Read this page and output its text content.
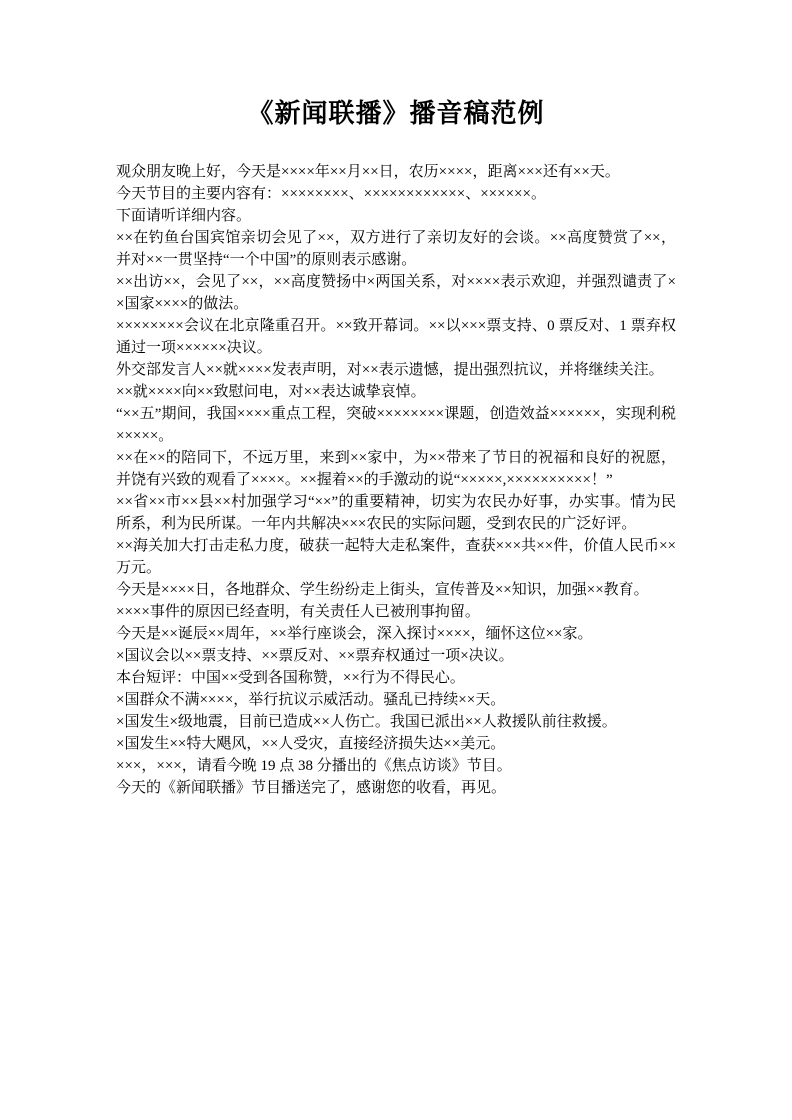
《新闻联播》播音稿范例

观众朋友晚上好，今天是××××年××月××日，农历××××，距离×××还有××天。

今天节目的主要内容有：××××××××、××××××××××××、××××××。

下面请听详细内容。

××在钓鱼台国宾馆亲切会见了××，双方进行了亲切友好的会谈。××高度赞赏了××，并对××一贯坚持“一个中国”的原则表示感谢。

××出访××，会见了××，××高度赞扬中×两国关系，对××××表示欢迎，并强烈谴责了××国家××××的做法。

××××××××会议在北京隆重召开。××致开幕词。××以×××票支持、0 票反对、1 票弃权通过一项××××××决议。

外交部发言人××就××××发表声明，对××表示遗憾，提出强烈抗议，并将继续关注。

××就××××向××致慰问电，对××表达诚挚哀悼。

“××五”期间，我国××××重点工程，突破××××××××课题，创造效益××××××，实现利税×××××。

××在××的陪同下，不远万里，来到××家中，为××带来了节日的祝福和良好的祝愿，并饶有兴致的观看了××××。××握着××的手激动的说“×××××,××××××××××！”

××省××市××县××村加强学习“××”的重要精神，切实为农民办好事，办实事。情为民所系，利为民所谋。一年内共解决×××农民的实际问题，受到农民的广泛好评。

××海关加大打击走私力度，破获一起特大走私案件，查获×××共××件，价值人民币××万元。

今天是××××日，各地群众、学生纷纷走上街头，宣传普及××知识，加强××教育。

××××事件的原因已经查明，有关责任人已被刑事拘留。

今天是××诞辰××周年，××举行座谈会，深入探讨××××，缅怀这位××家。

×国议会以××票支持、××票反对、××票弃权通过一项×决议。

本台短评：中国××受到各国称赞，××行为不得民心。

×国群众不满××××，举行抗议示威活动。骚乱已持续××天。

×国发生×级地震，目前已造成××人伤亡。我国已派出××人救援队前往救援。

×国发生××特大飓风，××人受灾，直接经济损失达××美元。

×××，×××，请看今晚 19 点 38 分播出的《焦点访谈》节目。

今天的《新闻联播》节目播送完了，感谢您的收看，再见。
